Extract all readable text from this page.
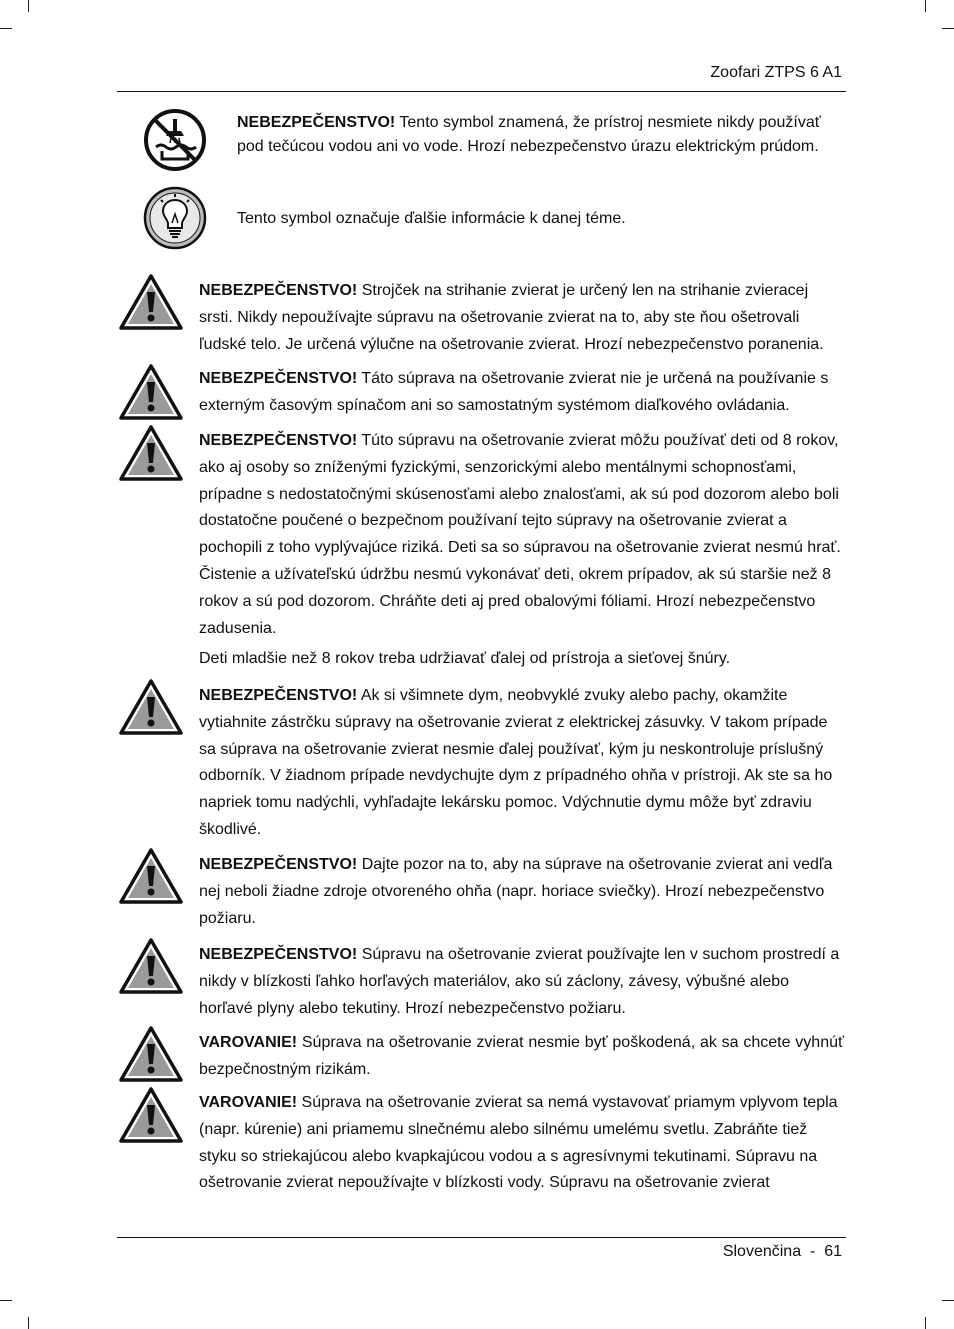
Zoofari ZTPS 6 A1
NEBEZPEČENSTVO! Tento symbol znamená, že prístroj nesmiete nikdy používať pod tečúcou vodou ani vo vode. Hrozí nebezpečenstvo úrazu elektrickým prúdom.
Tento symbol označuje ďalšie informácie k danej téme.
NEBEZPEČENSTVO! Strojček na strihanie zvierat je určený len na strihanie zvieracej srsti. Nikdy nepoužívajte súpravu na ošetrovanie zvierat na to, aby ste ňou ošetrovali ľudské telo. Je určená výlučne na ošetrovanie zvierat. Hrozí nebezpečenstvo poranenia.
NEBEZPEČENSTVO! Táto súprava na ošetrovanie zvierat nie je určená na používanie s externým časovým spínačom ani so samostatným systémom diaľkového ovládania.
NEBEZPEČENSTVO! Túto súpravu na ošetrovanie zvierat môžu používať deti od 8 rokov, ako aj osoby so zníženými fyzickými, senzorickými alebo mentálnymi schopnosťami, prípadne s nedostatočnými skúsenosťami alebo znalosťami, ak sú pod dozorom alebo boli dostatočne poučené o bezpečnom používaní tejto súpravy na ošetrovanie zvierat a pochopili z toho vyplývajúce riziká. Deti sa so súpravou na ošetrovanie zvierat nesmú hrať. Čistenie a užívateľskú údržbu nesmú vykonávať deti, okrem prípadov, ak sú staršie než 8 rokov a sú pod dozorom. Chráňte deti aj pred obalovými fóliami. Hrozí nebezpečenstvo zadusenia.
Deti mladšie než 8 rokov treba udržiavať ďalej od prístroja a sieťovej šnúry.
NEBEZPEČENSTVO! Ak si všimnete dym, neobvyklé zvuky alebo pachy, okamžite vytiahnite zástrčku súpravy na ošetrovanie zvierat z elektrickej zásuvky. V takom prípade sa súprava na ošetrovanie zvierat nesmie ďalej používať, kým ju neskontroluje príslušný odborník. V žiadnom prípade nevdychujte dym z prípadného ohňa v prístroji. Ak ste sa ho napriek tomu nadýchli, vyhľadajte lekársku pomoc. Vdýchnutie dymu môže byť zdraviu škodlivé.
NEBEZPEČENSTVO! Dajte pozor na to, aby na súprave na ošetrovanie zvierat ani vedľa nej neboli žiadne zdroje otvoreného ohňa (napr. horiace sviečky). Hrozí nebezpečenstvo požiaru.
NEBEZPEČENSTVO! Súpravu na ošetrovanie zvierat používajte len v suchom prostredí a nikdy v blízkosti ľahko horľavých materiálov, ako sú záclony, závesy, výbušné alebo horľavé plyny alebo tekutiny. Hrozí nebezpečenstvo požiaru.
VAROVANIE! Súprava na ošetrovanie zvierat nesmie byť poškodená, ak sa chcete vyhnúť bezpečnostným rizikám.
VAROVANIE! Súprava na ošetrovanie zvierat sa nemá vystavovať priamym vplyvom tepla (napr. kúrenie) ani priamemu slnečnému alebo silnému umelému svetlu. Zabráňte tiež styku so striekajúcou alebo kvapkajúcou vodou a s agresívnymi tekutinami. Súpravu na ošetrovanie zvierat nepoužívajte v blízkosti vody. Súpravu na ošetrovanie zvierat
Slovenčina - 61
